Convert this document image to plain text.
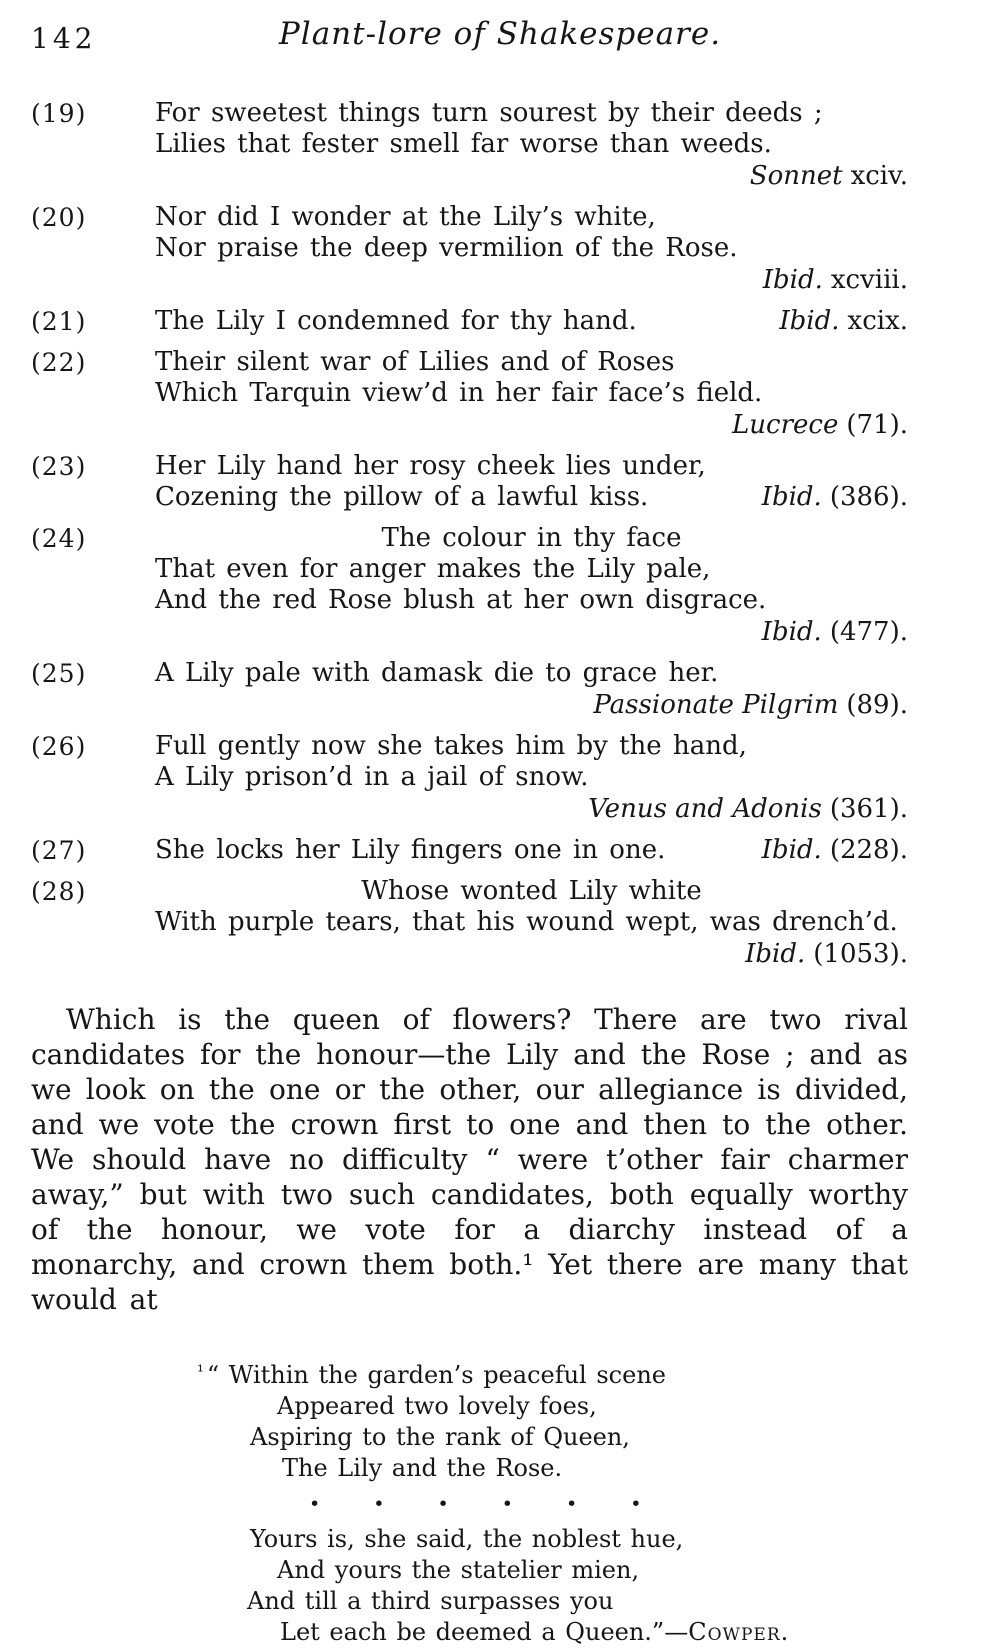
142	Plant-lore of Shakespeare.
(19)	For sweetest things turn sourest by their deeds ;
Lilies that fester smell far worse than weeds.
Sonnet xciv.
(20)	Nor did I wonder at the Lily’s white,
Nor praise the deep vermilion of the Rose.
Ibid. xcviii.
(21)	The Lily I condemned for thy hand.	Ibid. xcix.
(22)	Their silent war of Lilies and of Roses
Which Tarquin view’d in her fair face’s field.
Lucrece (71).
(23)	Her Lily hand her rosy cheek lies under,
Cozening the pillow of a lawful kiss.	Ibid. (386).
(24)	The colour in thy face
That even for anger makes the Lily pale,
And the red Rose blush at her own disgrace.
Ibid. (477).
(25)	A Lily pale with damask die to grace her.
Passionate Pilgrim (89).
(26)	Full gently now she takes him by the hand,
A Lily prison’d in a jail of snow.
Venus and Adonis (361).
(27)	She locks her Lily fingers one in one.	Ibid. (228).
(28)	Whose wonted Lily white
With purple tears, that his wound wept, was drench’d.
Ibid. (1053).
Which is the queen of flowers? There are two rival candidates for the honour—the Lily and the Rose ; and as we look on the one or the other, our allegiance is divided, and we vote the crown first to one and then to the other. We should have no difficulty “ were t’other fair charmer away,” but with two such candidates, both equally worthy of the honour, we vote for a diarchy instead of a monarchy, and crown them both.¹ Yet there are many that would at
$^{^1}$ “ Within the garden’s peaceful scene
Appeared two lovely foes,
Aspiring to the rank of Queen,
The Lily and the Rose.
• • • • • •
Yours is, she said, the noblest hue,
And yours the statelier mien,
And till a third surpasses you
Let each be deemed a Queen.”—Cowper.
